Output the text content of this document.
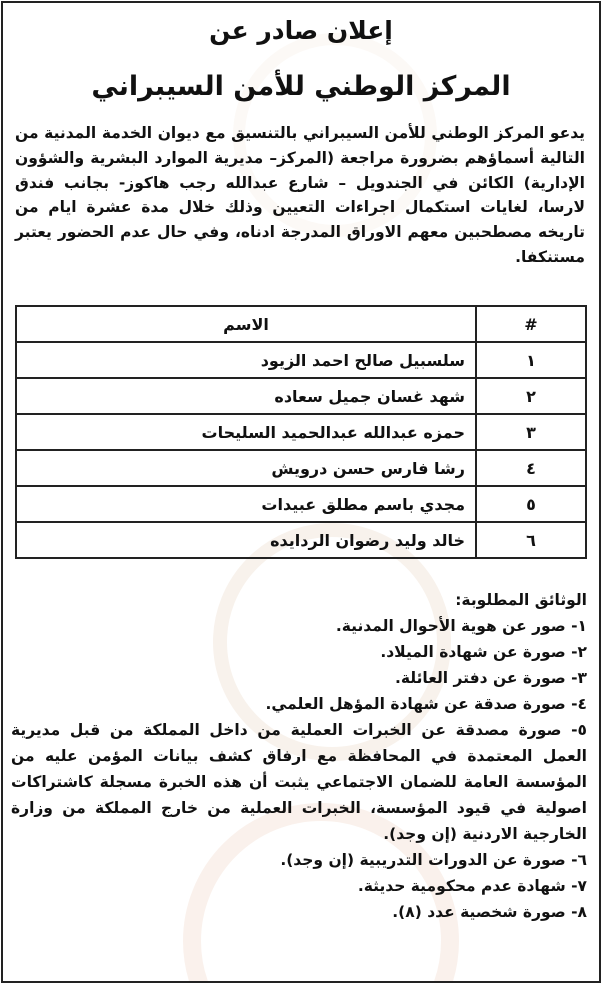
إعلان صادر عن
المركز الوطني للأمن السيبراني
يدعو المركز الوطني للأمن السيبراني بالتنسيق مع ديوان الخدمة المدنية من التالية أسماؤهم بضرورة مراجعة (المركز– مديرية الموارد البشرية والشؤون الإدارية) الكائن في الجندويل – شارع عبدالله رجب هاكوز- بجانب فندق لارسا، لغايات استكمال اجراءات التعيين وذلك خلال مدة عشرة ايام من تاريخه مصطحبين معهم الاوراق المدرجة ادناه، وفي حال عدم الحضور يعتبر مستنكفا.
#	الاسم
١	سلسبيل صالح احمد الزيود
٢	شهد غسان جميل سعاده
٣	حمزه عبدالله عبدالحميد السليحات
٤	رشا فارس حسن درويش
٥	مجدي باسم مطلق عبيدات
٦	خالد وليد رضوان الردايده
الوثائق المطلوبة:
١- صور عن هوية الأحوال المدنية.
٢- صورة عن شهادة الميلاد.
٣- صورة عن دفتر العائلة.
٤- صورة صدقة عن شهادة المؤهل العلمي.
٥- صورة مصدقة عن الخبرات العملية من داخل المملكة من قبل مديرية العمل المعتمدة في المحافظة مع ارفاق كشف بيانات المؤمن عليه من المؤسسة العامة للضمان الاجتماعي يثبت أن هذه الخبرة مسجلة كاشتراكات اصولية في قيود المؤسسة، الخبرات العملية من خارج المملكة من وزارة الخارجية الاردنية (إن وجد).
٦- صورة عن الدورات التدريبية (إن وجد).
٧- شهادة عدم محكومية حديثة.
٨- صورة شخصية عدد (٨).
